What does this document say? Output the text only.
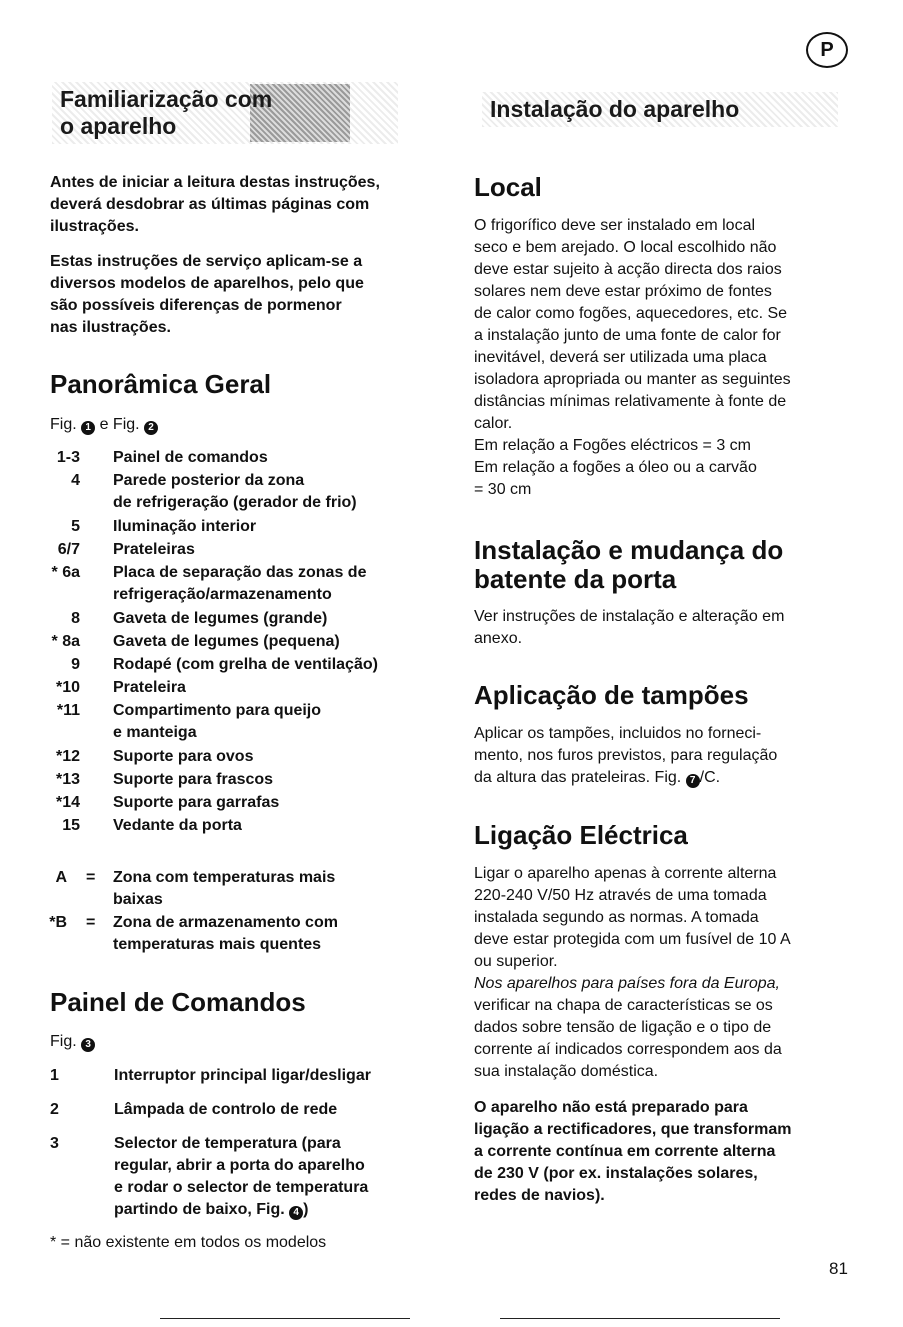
P
Familiarização com
o aparelho
Instalação do aparelho
Antes de iniciar a leitura destas instruções,
deverá desdobrar as últimas páginas com
ilustrações.
Estas instruções de serviço aplicam-se a
diversos modelos de aparelhos, pelo que
são possíveis diferenças de pormenor
nas ilustrações.
Panorâmica Geral
Fig. 1 e Fig. 2
1-3 Painel de comandos
4 Parede posterior da zona
de refrigeração (gerador de frio)
5 Iluminação interior
6/7 Prateleiras
* 6a Placa de separação das zonas de
refrigeração/armazenamento
8 Gaveta de legumes (grande)
* 8a Gaveta de legumes (pequena)
9 Rodapé (com grelha de ventilação)
*10 Prateleira
*11 Compartimento para queijo
e manteiga
*12 Suporte para ovos
*13 Suporte para frascos
*14 Suporte para garrafas
15 Vedante da porta
A = Zona com temperaturas mais
baixas
*B = Zona de armazenamento com
temperaturas mais quentes
Painel de Comandos
Fig. 3
1	Interruptor principal ligar/desligar
2	Lâmpada de controlo de rede
3	Selector de temperatura (para
regular, abrir a porta do aparelho
e rodar o selector de temperatura
partindo de baixo, Fig. 4 )
* = não existente em todos os modelos
Local
O frigorífico deve ser instalado em local
seco e bem arejado. O local escolhido não
deve estar sujeito à acção directa dos raios
solares nem deve estar próximo de fontes
de calor como fogões, aquecedores, etc. Se
a instalação junto de uma fonte de calor for
inevitável, deverá ser utilizada uma placa
isoladora apropriada ou manter as seguintes
distâncias mínimas relativamente à fonte de
calor.
Em relação a Fogões eléctricos = 3 cm
Em relação a fogões a óleo ou a carvão
= 30 cm
Instalação e mudança do
batente da porta
Ver instruções de instalação e alteração em
anexo.
Aplicação de tampões
Aplicar os tampões, incluidos no forneci-
mento, nos furos previstos, para regulação
da altura das prateleiras. Fig. 7 /C.
Ligação Eléctrica
Ligar o aparelho apenas à corrente alterna
220-240 V/50 Hz através de uma tomada
instalada segundo as normas. A tomada
deve estar protegida com um fusível de 10 A
ou superior.
Nos aparelhos para países fora da Europa,
verificar na chapa de características se os
dados sobre tensão de ligação e o tipo de
corrente aí indicados correspondem aos da
sua instalação doméstica.
O aparelho não está preparado para
ligação a rectificadores, que transformam
a corrente contínua em corrente alterna
de 230 V (por ex. instalações solares,
redes de navios).
81
